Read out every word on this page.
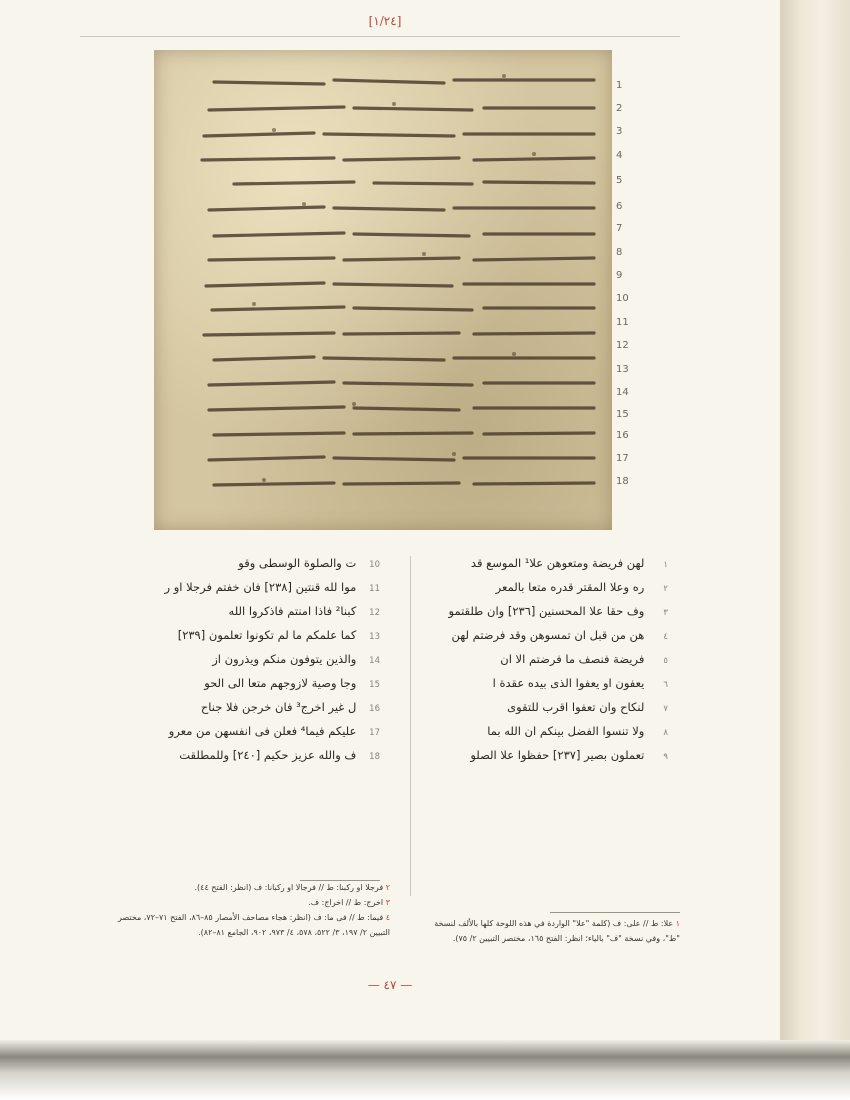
[١/٢٤]
1
2
3
4
5
6
7
8
9
10
11
12
13
14
15
16
17
18
١ لهن فريضة ومتعوهن علا¹ الموسع قد
٢ ره وعلا المقتر قدره متعا بالمعر
٣ وف حقا علا المحسنين [٢٣٦] وان طلقتمو
٤ هن من قبل ان تمسوهن وقد فرضتم لهن
٥ فريضة فنصف ما فرضتم الا ان
٦ يعفون او يعفوا الذى بيده عقدة ا
٧ لنكاح وان تعفوا اقرب للتقوى
٨ ولا تنسوا الفضل بينكم ان الله بما
٩ تعملون بصير [٢٣٧] حفظوا علا الصلو
10 ت والصلوة الوسطى وقو
11 موا لله قنتين [٢٣٨] فان خفتم فرجلا او ر
12 كبنا² فاذا امنتم فاذكروا الله
13 كما علمكم ما لم تكونوا تعلمون [٢٣٩]
14 والذين يتوفون منكم ويذرون از
15 وجا وصية لازوجهم متعا الى الحو
16 ل غير اخرج³ فان خرجن فلا جناح
17 عليكم فيما⁴ فعلن فى انفسهن من معرو
18 ف والله عزيز حكيم [٢٤٠] وللمطلقت
٢ فرجلا او ركبنا: ط // فرجالا او ركبانا: ف (انظر: الفتح ٤٤).
٣ اخرج: ط // اخراج: ف.
٤ فيما: ط // فى ما: ف (انظر: هجاء مصاحف الأمصار ٨٥–٨٦، الفتح ٧١–٧٢، مختصر التبيين ٢/ ١٩٧، ٣/ ٥٢٢، ٥٧٨، ٤/ ٩٧٣، ٩٠٢، الجامع ٨١–٨٢).
١ علا: ط // على: ف (كلمة "علا" الواردة في هذه اللوحة كلها بالألف لنسخة "ط"، وفي نسخة "ف" بالياء؛ انظر: الفتح ١٦٥، مختصر التبيين ٢/ ٧٥).
— ٤٧ —
